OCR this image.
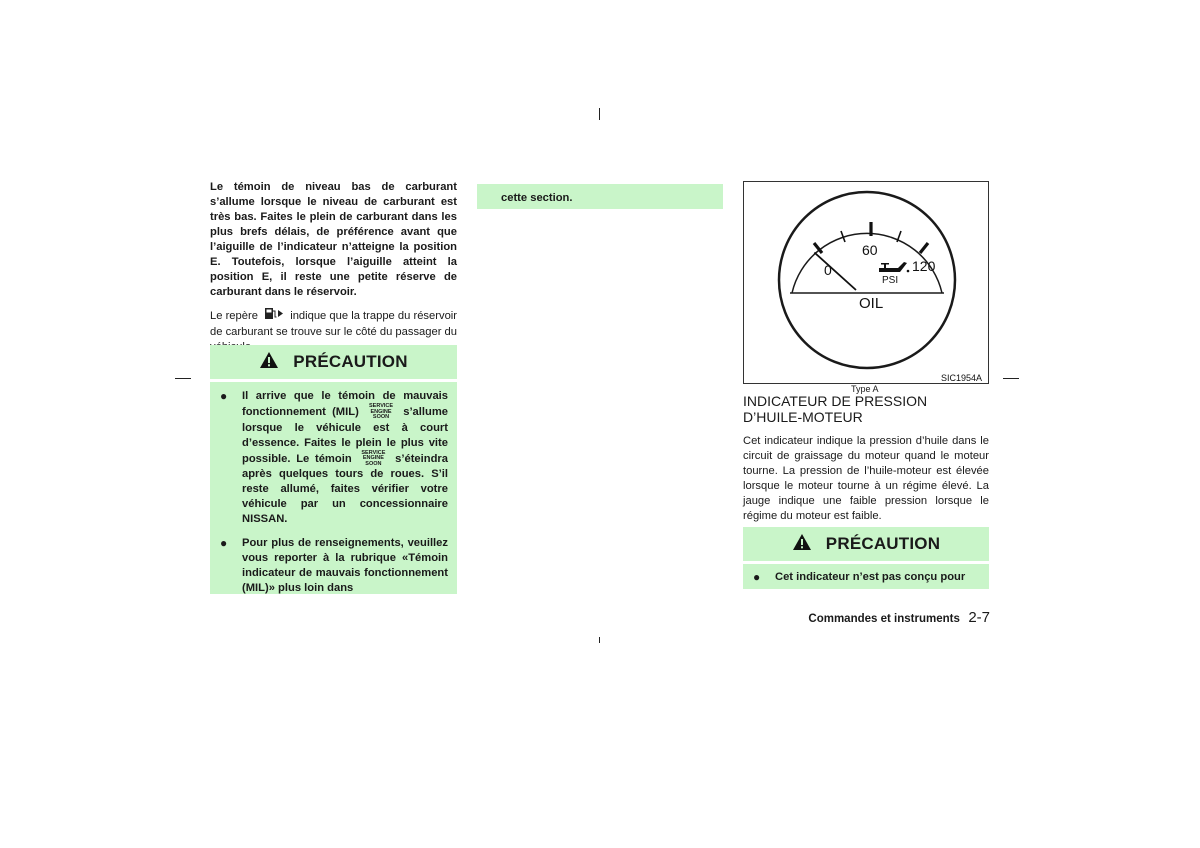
Le témoin de niveau bas de carburant s’allume lorsque le niveau de carburant est très bas. Faites le plein de carburant dans les plus brefs délais, de préférence avant que l’aiguille de l’indicateur n’atteigne la position E. Toutefois, lorsque l’aiguille atteint la position E, il reste une petite réserve de carburant dans le réservoir.

Le repère	indique que la trappe du réservoir de carburant se trouve sur le côté du passager du

PRÉCAUTION
●	Il arrive que le témoin de mauvais fonctionnement (MIL)
SERVICE
ENGINE
SOON s’allume lorsque le véhicule est à court d’essence. Faites le plein le plus vite possible. Le témoin
SERVICE
ENGINE
SOON s’éteindra après quelques tours de roues. S’il reste allumé, faites vérifier votre véhicule par un concessionnaire NISSAN.
●	Pour plus de renseignements, veuillez vous reporter à la rubrique «Témoin indicateur de mauvais fonctionnement (MIL)» plus loin dans
cette section.
0
60
120
PSI
OIL
SIC1954A
Type A
INDICATEUR DE PRESSION
D’HUILE-MOTEUR

Cet indicateur indique la pression d’huile dans le circuit de graissage du moteur quand le moteur tourne. La pression de l’huile-moteur est élevée lorsque le moteur tourne à un régime élevé. La jauge indique une faible pression lorsque le régime du moteur est faible.

PRÉCAUTION
●	Cet indicateur n’est pas conçu pour
Commandes et instruments 2-7
